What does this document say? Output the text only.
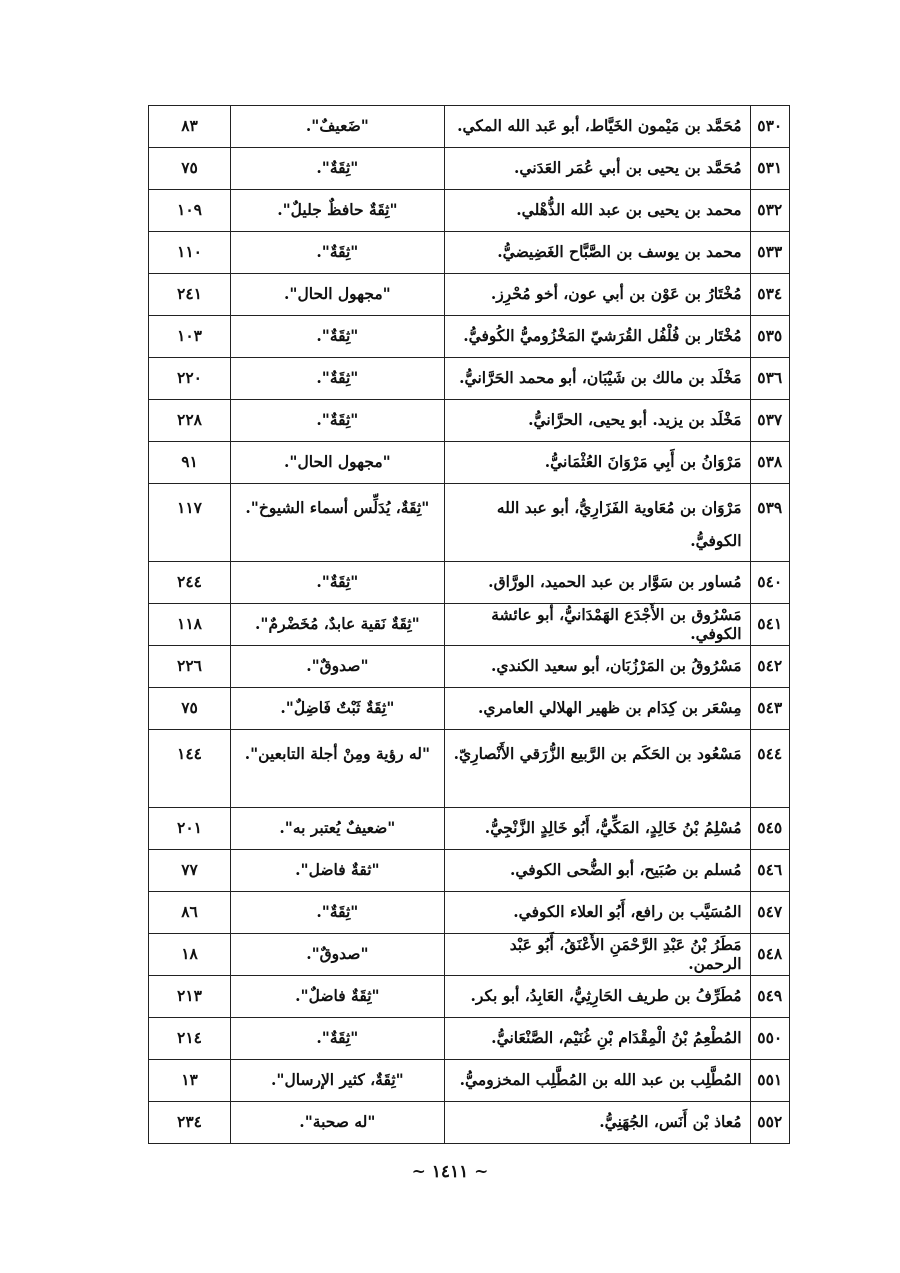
٥٣٠	مُحَمَّد بن مَيْمون الخَيَّاط، أبو عَبد الله المكي.	"ضَعيفٌ".	٨٣
٥٣١	مُحَمَّد بن يحيى بن أبي عُمَر العَدَني.	"ثِقَةٌ".	٧٥
٥٣٢	محمد بن يحيى بن عبد الله الذُّهْلي.	"ثِقَةٌ حافظٌ جليلٌ".	١٠٩
٥٣٣	محمد بن يوسف بن الصَّبَّاح الغَضِيضيُّ.	"ثِقَةٌ".	١١٠
٥٣٤	مُخْتَارُ بن عَوْن بن أبي عون، أخو مُحْرِز.	"مجهول الحال".	٢٤١
٥٣٥	مُخْتَار بن فُلْفُل القُرَشيّ المَخْزُوميُّ الكُوفيُّ.	"ثِقَةٌ".	١٠٣
٥٣٦	مَخْلَد بن مالك بن شَيْبَان، أبو محمد الحَرَّانيُّ.	"ثِقَةٌ".	٢٢٠
٥٣٧	مَخْلَد بن يزيد. أبو يحيى، الحرَّانيُّ.	"ثِقَةٌ".	٢٢٨
٥٣٨	مَرْوَانُ بن أَبِي مَرْوَانَ العُثْمَانيُّ.	"مجهول الحال".	٩١
٥٣٩	مَرْوَان بن مُعَاوية الفَزَارِيُّ، أبو عبد الله الكوفيُّ.	"ثِقَةٌ، يُدَلِّس أسماء الشيوخ".	١١٧
٥٤٠	مُساور بن سَوَّار بن عبد الحميد، الورَّاق.	"ثِقَةٌ".	٢٤٤
٥٤١	مَسْرُوق بن الأَجْدَع الهَمْدَانيُّ، أبو عائشة الكوفي.	"ثِقَةٌ نَقية عابدٌ، مُخَضْرمٌ".	١١٨
٥٤٢	مَسْرُوقُ بن المَرْزُبَان، أبو سعيد الكندي.	"صدوقٌ".	٢٢٦
٥٤٣	مِسْعَر بن كِدَام بن ظهير الهلالي العامري.	"ثِقَةٌ ثَبْتٌ فَاضِلٌ".	٧٥
٥٤٤	مَسْعُود بن الحَكَم بن الرَّبيع الزُّرَقي الأَنْصارِيّ.	"له رؤية ومِنْ أجلة التابعين".	١٤٤
٥٤٥	مُسْلِمُ بْنُ خَالِدٍ، المَكِّيُّ، أَبُو خَالِدٍ الزَّنْجِيُّ.	"ضعيفٌ يُعتبر به".	٢٠١
٥٤٦	مُسلم بن صُبَيح، أبو الضُّحى الكوفي.	"ثقةٌ فاضل".	٧٧
٥٤٧	المُسَيَّب بن رافع، أَبُو العلاء الكوفي.	"ثِقَةٌ".	٨٦
٥٤٨	مَطَرُ بْنُ عَبْدِ الرَّحْمَنِ الأَعْنَقُ، أَبُو عَبْد الرحمن.	"صدوقٌ".	١٨
٥٤٩	مُطَرِّفُ بن طريف الحَارِثِيُّ، العَابِدُ، أبو بكر.	"ثِقَةٌ فاضلٌ".	٢١٣
٥٥٠	المُطْعِمُ بْنُ الْمِقْدَام بْنِ غُنَيْم، الصَّنْعَانيُّ.	"ثِقَةٌ".	٢١٤
٥٥١	المُطَّلِب بن عبد الله بن المُطَّلِب المخزوميُّ.	"ثِقَةٌ، كثير الإرسال".	١٣
٥٥٢	مُعاذ بْن أَنَس، الجُهَنِيُّ.	"له صحبة".	٢٣٤
~ ١٤١١ ~
